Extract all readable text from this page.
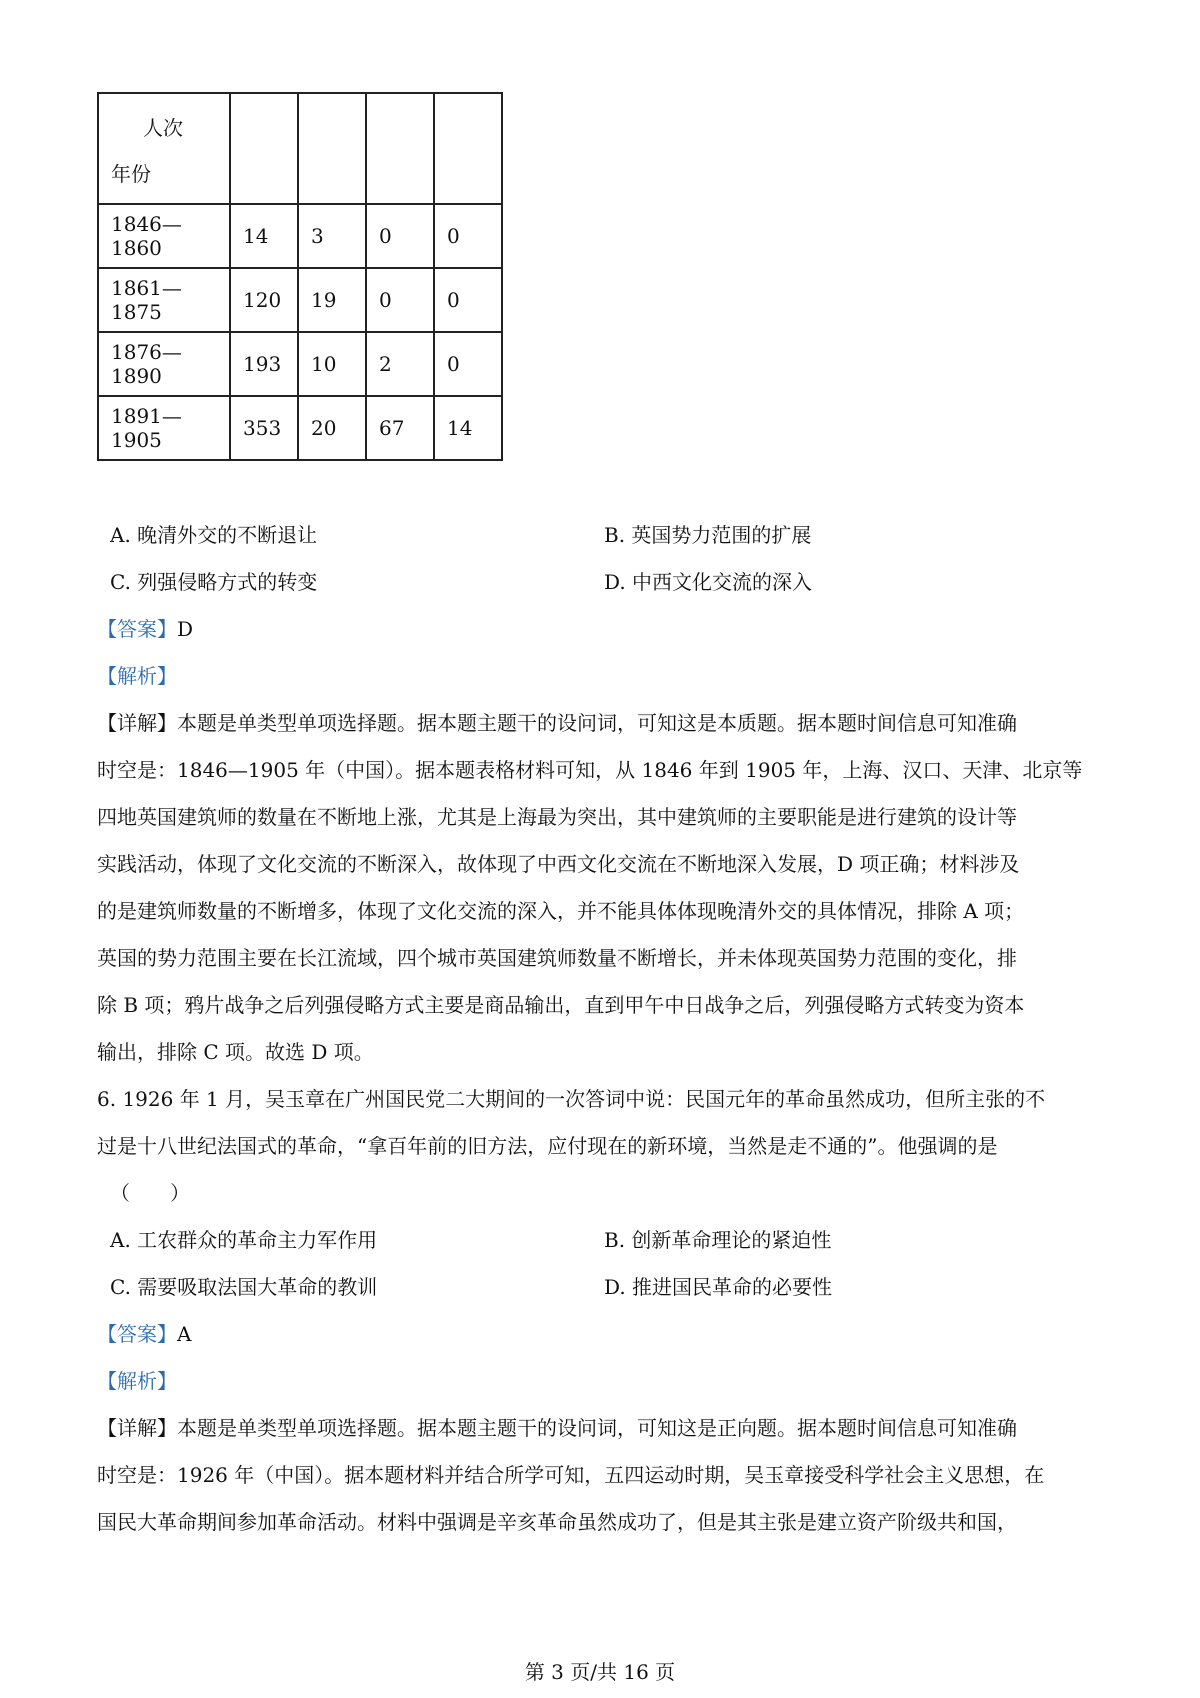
人次
年份				

1846—1860	14	3	0	0
1861—1875	120	19	0	0
1876—1890	193	10	2	0
1891—1905	353	20	67	14
A. 晚清外交的不断退让	B. 英国势力范围的扩展
C. 列强侵略方式的转变	D. 中西文化交流的深入
【答案】D
【解析】
【详解】本题是单类型单项选择题。据本题主题干的设问词，可知这是本质题。据本题时间信息可知准确
时空是：1846—1905 年（中国）。据本题表格材料可知，从 1846 年到 1905 年，上海、汉口、天津、北京等
四地英国建筑师的数量在不断地上涨，尤其是上海最为突出，其中建筑师的主要职能是进行建筑的设计等
实践活动，体现了文化交流的不断深入，故体现了中西文化交流在不断地深入发展，D 项正确；材料涉及
的是建筑师数量的不断增多，体现了文化交流的深入，并不能具体体现晚清外交的具体情况，排除 A 项；
英国的势力范围主要在长江流域，四个城市英国建筑师数量不断增长，并未体现英国势力范围的变化，排
除 B 项；鸦片战争之后列强侵略方式主要是商品输出，直到甲午中日战争之后，列强侵略方式转变为资本
输出，排除 C 项。故选 D 项。
6. 1926 年 1 月，吴玉章在广州国民党二大期间的一次答词中说：民国元年的革命虽然成功，但所主张的不
过是十八世纪法国式的革命，“拿百年前的旧方法，应付现在的新环境，当然是走不通的”。他强调的是
（　　）
A. 工农群众的革命主力军作用	B. 创新革命理论的紧迫性
C. 需要吸取法国大革命的教训	D. 推进国民革命的必要性
【答案】A
【解析】
【详解】本题是单类型单项选择题。据本题主题干的设问词，可知这是正向题。据本题时间信息可知准确
时空是：1926 年（中国）。据本题材料并结合所学可知，五四运动时期，吴玉章接受科学社会主义思想，在
国民大革命期间参加革命活动。材料中强调是辛亥革命虽然成功了，但是其主张是建立资产阶级共和国，
第 3 页/共 16 页
